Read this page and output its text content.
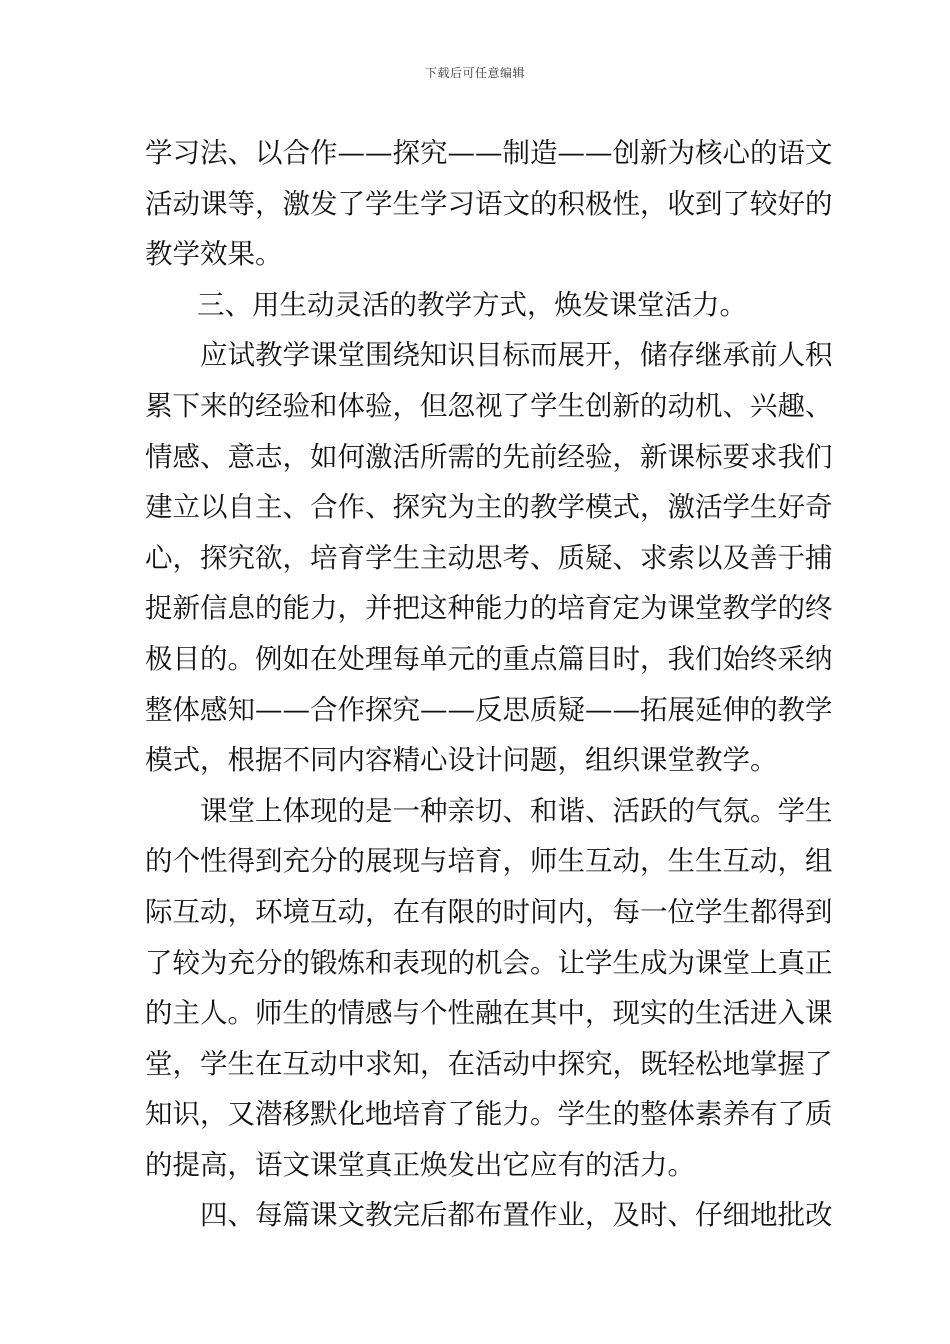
下载后可任意编辑
学习法、以合作——探究——制造——创新为核心的语文
活动课等，激发了学生学习语文的积极性，收到了较好的
教学效果。
三、用生动灵活的教学方式，焕发课堂活力。
应试教学课堂围绕知识目标而展开，储存继承前人积
累下来的经验和体验，但忽视了学生创新的动机、兴趣、
情感、意志，如何激活所需的先前经验，新课标要求我们
建立以自主、合作、探究为主的教学模式，激活学生好奇
心，探究欲，培育学生主动思考、质疑、求索以及善于捕
捉新信息的能力，并把这种能力的培育定为课堂教学的终
极目的。例如在处理每单元的重点篇目时，我们始终采纳
整体感知——合作探究——反思质疑——拓展延伸的教学
模式，根据不同内容精心设计问题，组织课堂教学。
课堂上体现的是一种亲切、和谐、活跃的气氛。学生
的个性得到充分的展现与培育，师生互动，生生互动，组
际互动，环境互动，在有限的时间内，每一位学生都得到
了较为充分的锻炼和表现的机会。让学生成为课堂上真正
的主人。师生的情感与个性融在其中，现实的生活进入课
堂，学生在互动中求知，在活动中探究，既轻松地掌握了
知识，又潜移默化地培育了能力。学生的整体素养有了质
的提高，语文课堂真正焕发出它应有的活力。
四、每篇课文教完后都布置作业，及时、仔细地批改
